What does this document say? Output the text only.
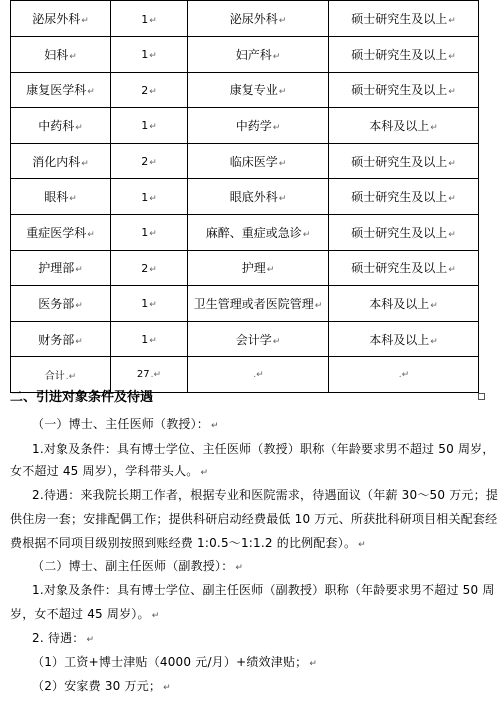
泌尿外科↵	1↵	泌尿外科↵	硕士研究生及以上↵
妇科↵	1↵	妇产科↵	硕士研究生及以上↵
康复医学科↵	2↵	康复专业↵	硕士研究生及以上↵
中药科↵	1↵	中药学↵	本科及以上↵
消化内科↵	2↵	临床医学↵	硕士研究生及以上↵
眼科↵	1↵	眼底外科↵	硕士研究生及以上↵
重症医学科↵	1↵	麻醉、重症或急诊↵	硕士研究生及以上↵
护理部↵	2↵	护理↵	硕士研究生及以上↵
医务部↵	1↵	卫生管理或者医院管理↵	本科及以上↵
财务部↵	1↵	会计学↵	本科及以上↵
合计.↵	27.↵	.↵	.↵
二、引进对象条件及待遇
（一）博士、主任医师（教授）： ↵
1.对象及条件：具有博士学位、主任医师（教授）职称（年龄要求男不超过 50 周岁，
女不超过 45 周岁），学科带头人。 ↵
2.待遇：来我院长期工作者，根据专业和医院需求，待遇面议（年薪 30～50 万元；提
供住房一套；安排配偶工作；提供科研启动经费最低 10 万元、所获批科研项目相关配套经
费根据不同项目级别按照到账经费 1:0.5～1:1.2 的比例配套）。 ↵
（二）博士、副主任医师（副教授）： ↵
1.对象及条件：具有博士学位、副主任医师（副教授）职称（年龄要求男不超过 50 周
岁，女不超过 45 周岁）。 ↵
2. 待遇： ↵
（1）工资+博士津贴（4000 元/月）+绩效津贴； ↵
（2）安家费 30 万元； ↵
